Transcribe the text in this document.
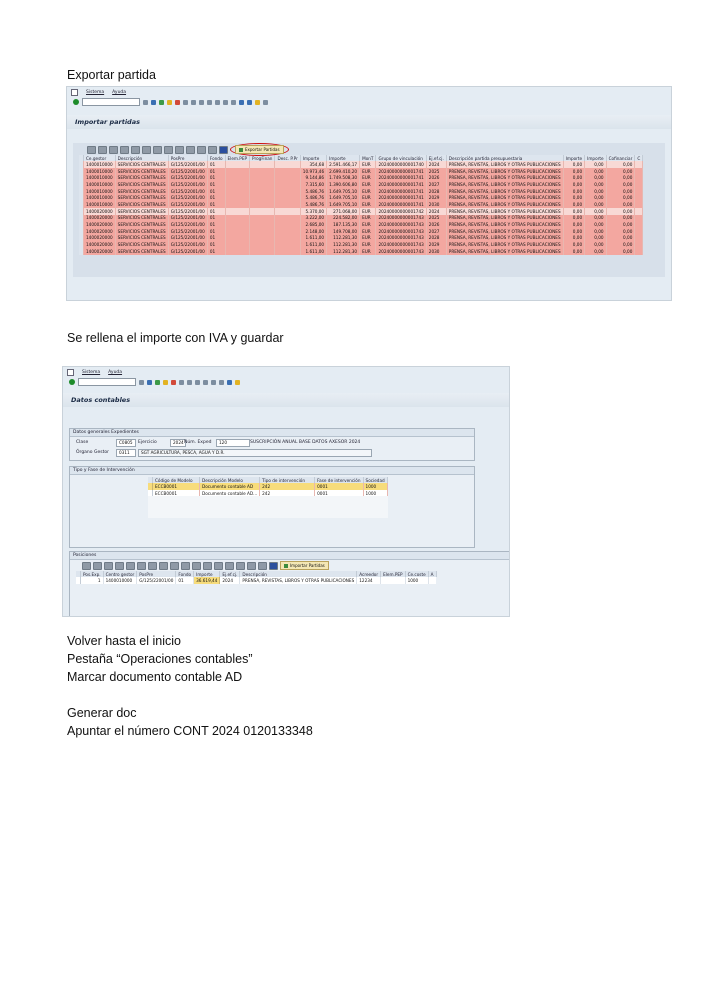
Exportar partida
Sistema Ayuda
Importar partidas
Exportar Partidas
	Ce.gestor	Descripción	PosPre	Fondo	Elem.PEP	ProgFinan	Desc. P.Pr	Importe	Importe	MonT	Grupo de vinculación	Ej.ef.cj.	Descripción partida presupuestaria	Importe	Importe	Cofinanciar	C
	1400010000	SERVICIOS CENTRALES	G/125/22001/00	01				354,68	2.591.466,17	EUR	20240000000001740	2024	PRENSA, REVISTAS, LIBROS Y OTRAS PUBLICACIONES	0,00	0,00	0,00	
	1400010000	SERVICIOS CENTRALES	G/125/22001/00	01				10.973,46	2.699.410,20	EUR	20240000000001741	2025	PRENSA, REVISTAS, LIBROS Y OTRAS PUBLICACIONES	0,00	0,00	0,00	
	1400010000	SERVICIOS CENTRALES	G/125/22001/00	01				9.144,86	1.749.508,30	EUR	20240000000001741	2026	PRENSA, REVISTAS, LIBROS Y OTRAS PUBLICACIONES	0,00	0,00	0,00	
	1400010000	SERVICIOS CENTRALES	G/125/22001/00	01				7.315,60	1.390.606,80	EUR	20240000000001741	2027	PRENSA, REVISTAS, LIBROS Y OTRAS PUBLICACIONES	0,00	0,00	0,00	
	1400010000	SERVICIOS CENTRALES	G/125/22001/00	01				5.486,76	1.649.705,10	EUR	20240000000001741	2028	PRENSA, REVISTAS, LIBROS Y OTRAS PUBLICACIONES	0,00	0,00	0,00	
	1400010000	SERVICIOS CENTRALES	G/125/22001/00	01				5.486,76	1.649.705,10	EUR	20240000000001741	2029	PRENSA, REVISTAS, LIBROS Y OTRAS PUBLICACIONES	0,00	0,00	0,00	
	1400010000	SERVICIOS CENTRALES	G/125/22001/00	01				5.486,76	1.649.705,10	EUR	20240000000001741	2030	PRENSA, REVISTAS, LIBROS Y OTRAS PUBLICACIONES	0,00	0,00	0,00	
	1400020000	SERVICIOS CENTRALES	G/125/22001/00	01				5.370,00	271.068,00	EUR	20240000000001742	2024	PRENSA, REVISTAS, LIBROS Y OTRAS PUBLICACIONES	0,00	0,00	0,00	
	1400020000	SERVICIOS CENTRALES	G/125/22001/00	01				3.222,00	224.582,00	EUR	20240000000001743	2025	PRENSA, REVISTAS, LIBROS Y OTRAS PUBLICACIONES	0,00	0,00	0,00	
	1400020000	SERVICIOS CENTRALES	G/125/22001/00	01				2.685,00	187.135,30	EUR	20240000000001743	2026	PRENSA, REVISTAS, LIBROS Y OTRAS PUBLICACIONES	0,00	0,00	0,00	
	1400020000	SERVICIOS CENTRALES	G/125/22001/00	01				2.148,00	149.708,00	EUR	20240000000001743	2027	PRENSA, REVISTAS, LIBROS Y OTRAS PUBLICACIONES	0,00	0,00	0,00	
	1400020000	SERVICIOS CENTRALES	G/125/22001/00	01				1.611,00	112.281,30	EUR	20240000000001743	2028	PRENSA, REVISTAS, LIBROS Y OTRAS PUBLICACIONES	0,00	0,00	0,00	
	1400020000	SERVICIOS CENTRALES	G/125/22001/00	01				1.611,00	112.281,30	EUR	20240000000001743	2029	PRENSA, REVISTAS, LIBROS Y OTRAS PUBLICACIONES	0,00	0,00	0,00	
	1400020000	SERVICIOS CENTRALES	G/125/22001/00	01				1.611,00	112.281,30	EUR	20240000000001743	2030	PRENSA, REVISTAS, LIBROS Y OTRAS PUBLICACIONES	0,00	0,00	0,00	
Se rellena el importe con IVA y guardar
Sistema Ayuda
Datos contables
Datos generales Expedientes
Clase	C0805	Ejercicio	2024 Núm. Exped	120	SUSCRIPCIÓN ANUAL BASE DATOS AXESOR 2024
Órgano Gestor	0311	SGT AGRICULTURA, PESCA, AGUA Y D.R.
Tipo y Fase de Intervención
	Código de Modelo	Descripción Modelo	Tipo de intervención	Fase de intervención	Sociedad
	ECCB0001	Documento contable AD	242	0001	1000
	ECCB0001	Documento contable AD...	242	0001	1000

Posiciones
Importar Partidas
	Pos.Exp.	Centro gestor	PosPre	Fondo	Importe	Ej.ef.cj.	Descripción	Acreedor	Elem.PEP	Ce.coste	A
	1	1400010000	G/125/22001/00	01	36.619,44	2024	PRENSA, REVISTAS, LIBROS Y OTRAS PUBLICACIONES	12234		1000	
Volver hasta el inicio
Pestaña “Operaciones contables”
Marcar documento contable AD
Generar doc
Apuntar el número CONT 2024 0120133348
